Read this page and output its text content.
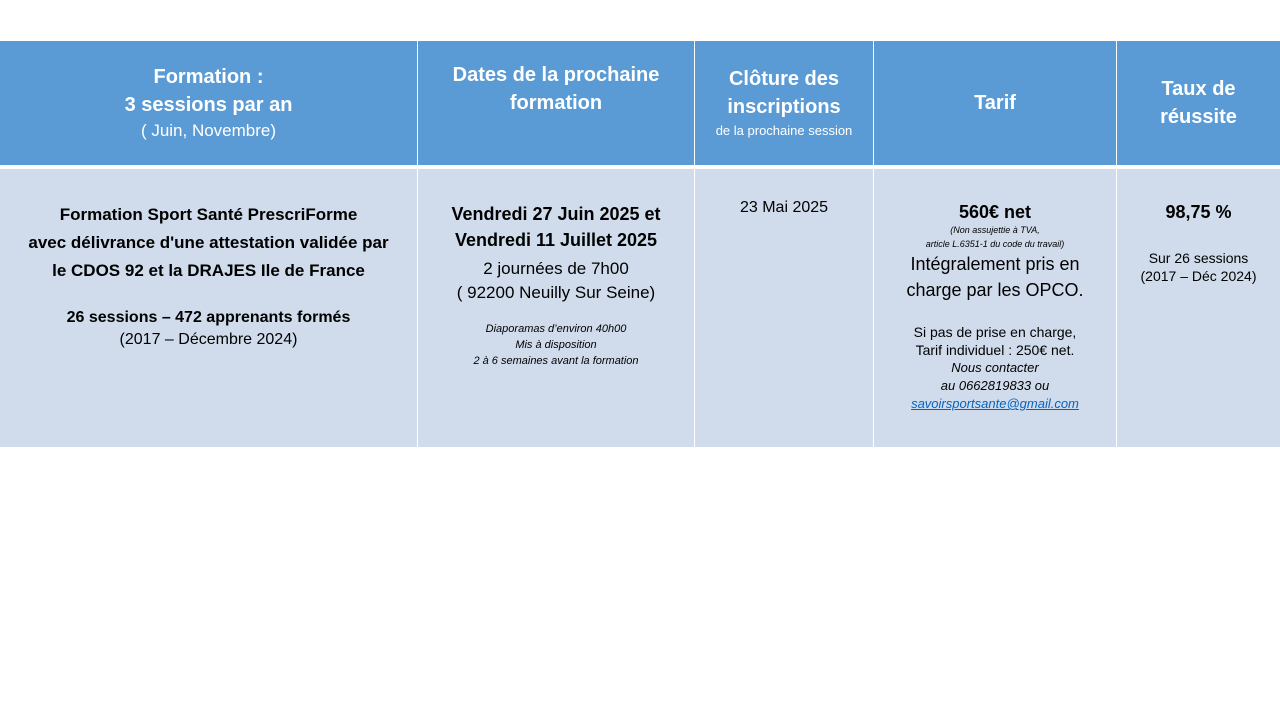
Formation :
3 sessions par an
( Juin, Novembre)
Dates de la prochaine
formation
Clôture des
inscriptions
de la prochaine session
Tarif
Taux de
réussite
Formation Sport Santé PrescriForme
avec délivrance d'une attestation validée par
le CDOS 92 et la DRAJES Ile de France
26 sessions – 472 apprenants formés
(2017 – Décembre 2024)
Vendredi 27 Juin 2025 et
Vendredi 11 Juillet 2025
2 journées de 7h00
( 92200 Neuilly Sur Seine)
Diaporamas d’environ 40h00
Mis à disposition
2 à 6 semaines avant la formation
23 Mai 2025	560€ net
(Non assujettie à TVA,
article L.6351-1 du code du travail)
Intégralement pris en
charge par les OPCO.
Si pas de prise en charge,
Tarif individuel : 250€ net.
Nous contacter
au 0662819833 ou
savoirsportsante@gmail.com
98,75 %
Sur 26 sessions
(2017 – Déc 2024)
